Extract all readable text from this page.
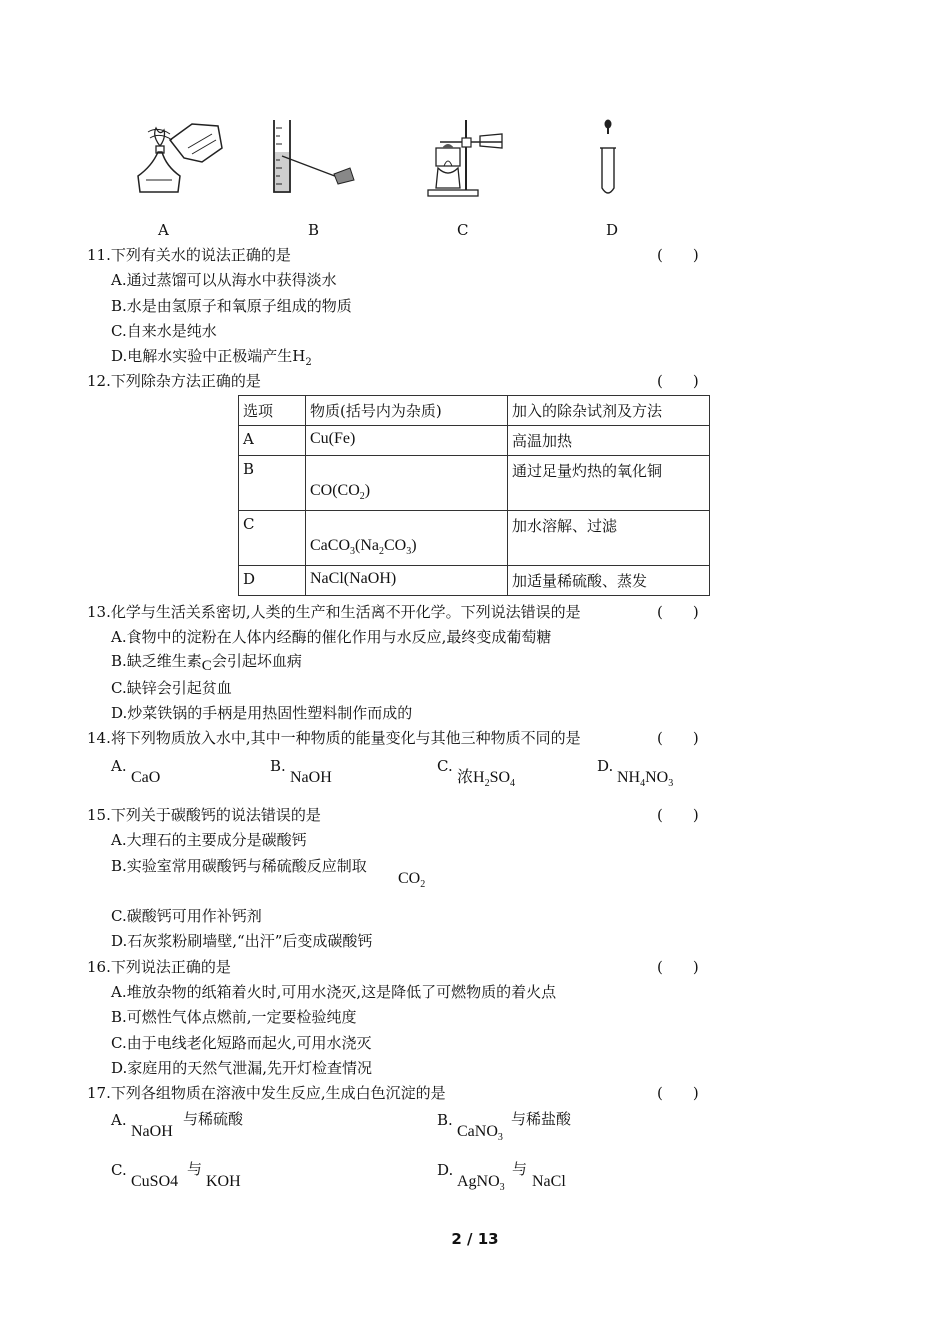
A	B	C	D
11.下列有关水的说法正确的是	(　　)
A.通过蒸馏可以从海水中获得淡水
B.水是由氢原子和氧原子组成的物质
C.自来水是纯水
D.电解水实验中正极端产生$H_2$
12.下列除杂方法正确的是	(　　)
选项	物质(括号内为杂质)	加入的除杂试剂及方法
A	Cu(Fe)	高温加热
B	$CO(CO_2)$	通过足量灼热的氧化铜
C	$CaCO_3(Na_2CO_3)$	加水溶解、过滤
D	NaCl(NaOH)	加适量稀硫酸、蒸发
13.化学与生活关系密切,人类的生产和生活离不开化学。下列说法错误的是	(　　)
A.食物中的淀粉在人体内经酶的催化作用与水反应,最终变成葡萄糖
B.缺乏维生素C会引起坏血病
C.缺锌会引起贫血
D.炒菜铁锅的手柄是用热固性塑料制作而成的
14.将下列物质放入水中,其中一种物质的能量变化与其他三种物质不同的是	(　　)
A.
CaO
B.
NaOH
C.
浓$H_2SO_4$
D.
$NH_4NO_3$
15.下列关于碳酸钙的说法错误的是	(　　)
A.大理石的主要成分是碳酸钙
B.实验室常用碳酸钙与稀硫酸反应制取
$CO_2$
C.碳酸钙可用作补钙剂
D.石灰浆粉刷墙壁,“出汗”后变成碳酸钙
16.下列说法正确的是	(　　)
A.堆放杂物的纸箱着火时,可用水浇灭,这是降低了可燃物质的着火点
B.可燃性气体点燃前,一定要检验纯度
C.由于电线老化短路而起火,可用水浇灭
D.家庭用的天然气泄漏,先开灯检查情况
17.下列各组物质在溶液中发生反应,生成白色沉淀的是	(　　)
A.
NaOH
与稀硫酸	B.
CaNO$_3$
与稀盐酸
C.
CuSO4
与
KOH
D.
AgNO$_3$
与
NaCl
2 / 13
